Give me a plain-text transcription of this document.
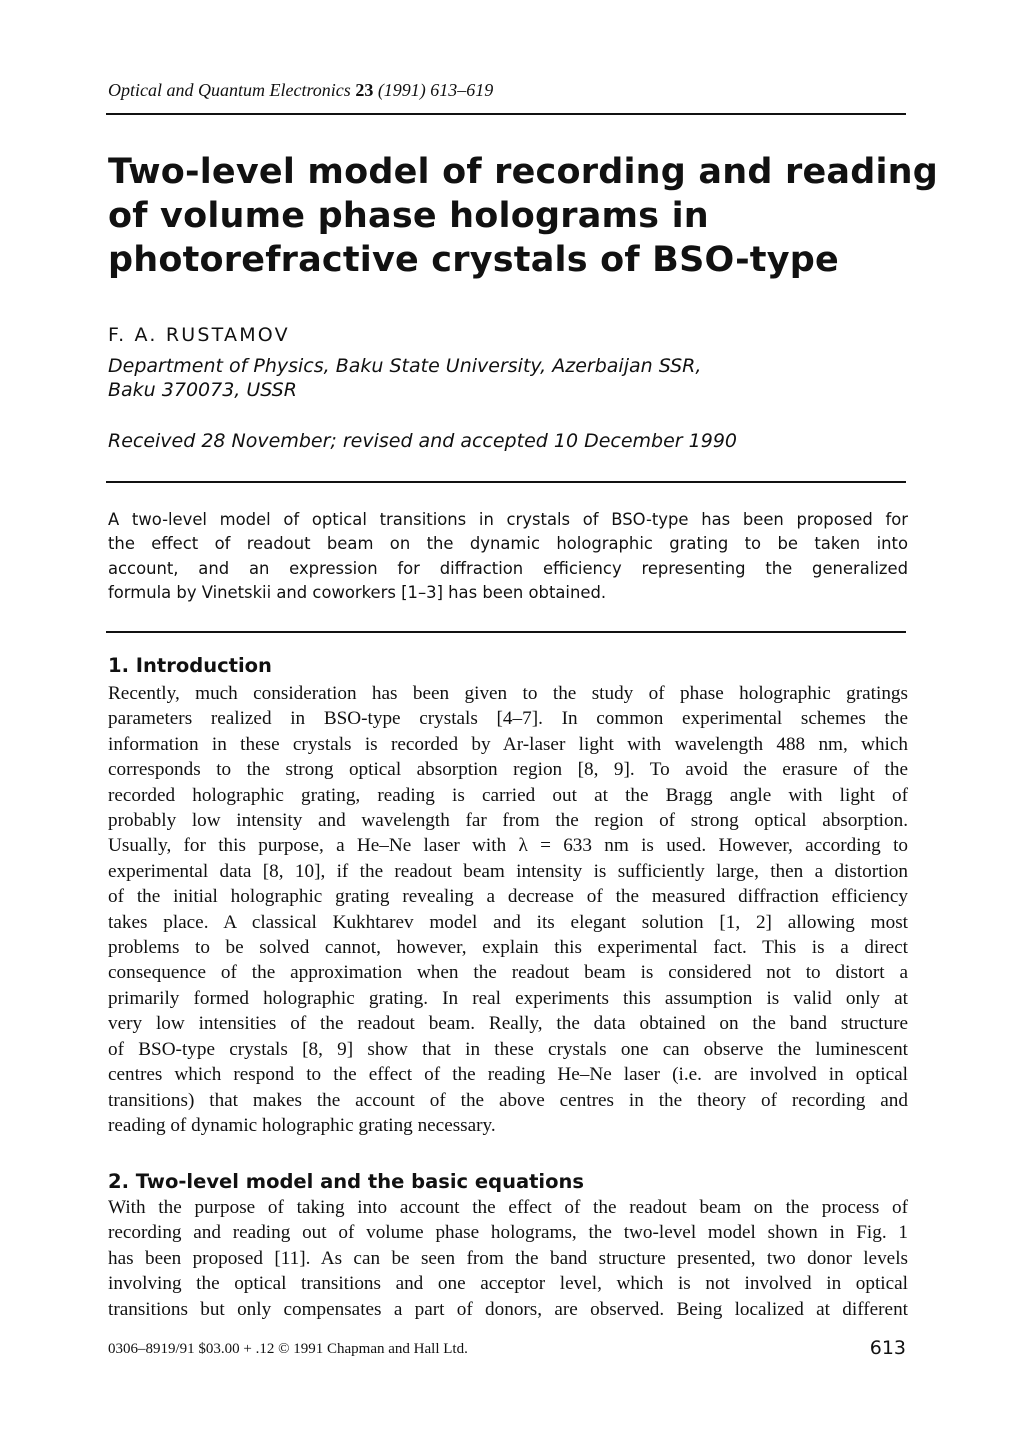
Optical and Quantum Electronics 23 (1991) 613–619
Two-level model of recording and reading
of volume phase holograms in
photorefractive crystals of BSO-type
F. A. RUSTAMOV
Department of Physics, Baku State University, Azerbaijan SSR,
Baku 370073, USSR
Received 28 November; revised and accepted 10 December 1990
A two-level model of optical transitions in crystals of BSO-type has been proposed for
the effect of readout beam on the dynamic holographic grating to be taken into
account, and an expression for diffraction efficiency representing the generalized
formula by Vinetskii and coworkers [1–3] has been obtained.
1. Introduction
Recently, much consideration has been given to the study of phase holographic gratings
parameters realized in BSO-type crystals [4–7]. In common experimental schemes the
information in these crystals is recorded by Ar-laser light with wavelength 488 nm, which
corresponds to the strong optical absorption region [8, 9]. To avoid the erasure of the
recorded holographic grating, reading is carried out at the Bragg angle with light of
probably low intensity and wavelength far from the region of strong optical absorption.
Usually, for this purpose, a He–Ne laser with λ = 633 nm is used. However, according to
experimental data [8, 10], if the readout beam intensity is sufficiently large, then a distortion
of the initial holographic grating revealing a decrease of the measured diffraction efficiency
takes place. A classical Kukhtarev model and its elegant solution [1, 2] allowing most
problems to be solved cannot, however, explain this experimental fact. This is a direct
consequence of the approximation when the readout beam is considered not to distort a
primarily formed holographic grating. In real experiments this assumption is valid only at
very low intensities of the readout beam. Really, the data obtained on the band structure
of BSO-type crystals [8, 9] show that in these crystals one can observe the luminescent
centres which respond to the effect of the reading He–Ne laser (i.e. are involved in optical
transitions) that makes the account of the above centres in the theory of recording and
reading of dynamic holographic grating necessary.
2. Two-level model and the basic equations
With the purpose of taking into account the effect of the readout beam on the process of
recording and reading out of volume phase holograms, the two-level model shown in Fig. 1
has been proposed [11]. As can be seen from the band structure presented, two donor levels
involving the optical transitions and one acceptor level, which is not involved in optical
transitions but only compensates a part of donors, are observed. Being localized at different
0306–8919/91 $03.00 + .12 © 1991 Chapman and Hall Ltd.	613
